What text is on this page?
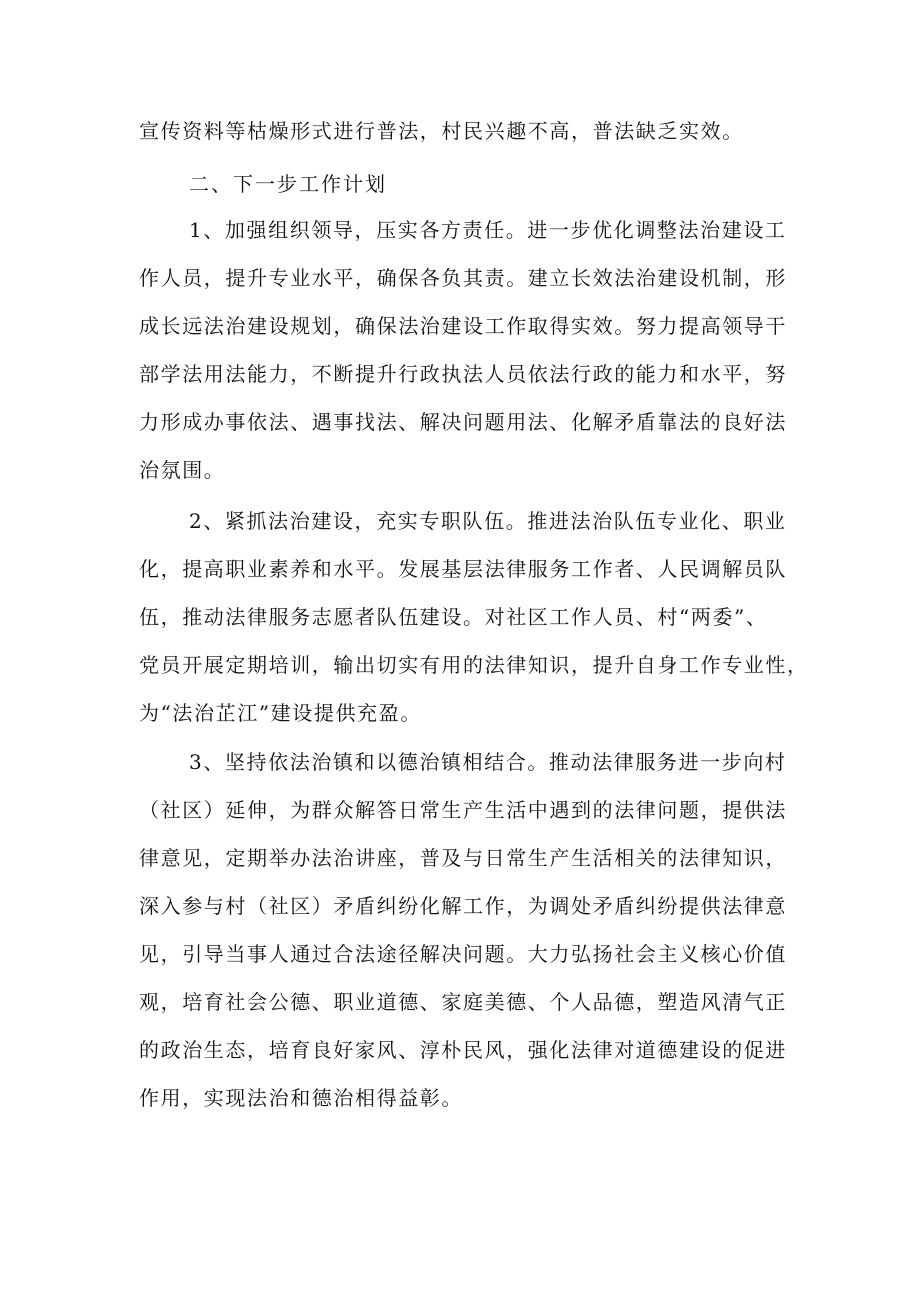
宣传资料等枯燥形式进行普法，村民兴趣不高，普法缺乏实效。
二、下一步工作计划
1、加强组织领导，压实各方责任。进一步优化调整法治建设工
作人员，提升专业水平，确保各负其责。建立长效法治建设机制，形
成长远法治建设规划，确保法治建设工作取得实效。努力提高领导干
部学法用法能力，不断提升行政执法人员依法行政的能力和水平，努
力形成办事依法、遇事找法、解决问题用法、化解矛盾靠法的良好法
治氛围。
2、紧抓法治建设，充实专职队伍。推进法治队伍专业化、职业
化，提高职业素养和水平。发展基层法律服务工作者、人民调解员队
伍，推动法律服务志愿者队伍建设。对社区工作人员、村“两委”、
党员开展定期培训，输出切实有用的法律知识，提升自身工作专业性，
为“法治芷江”建设提供充盈。
3、坚持依法治镇和以德治镇相结合。推动法律服务进一步向村
（社区）延伸，为群众解答日常生产生活中遇到的法律问题，提供法
律意见，定期举办法治讲座，普及与日常生产生活相关的法律知识，
深入参与村（社区）矛盾纠纷化解工作，为调处矛盾纠纷提供法律意
见，引导当事人通过合法途径解决问题。大力弘扬社会主义核心价值
观，培育社会公德、职业道德、家庭美德、个人品德，塑造风清气正
的政治生态，培育良好家风、淳朴民风，强化法律对道德建设的促进
作用，实现法治和德治相得益彰。
